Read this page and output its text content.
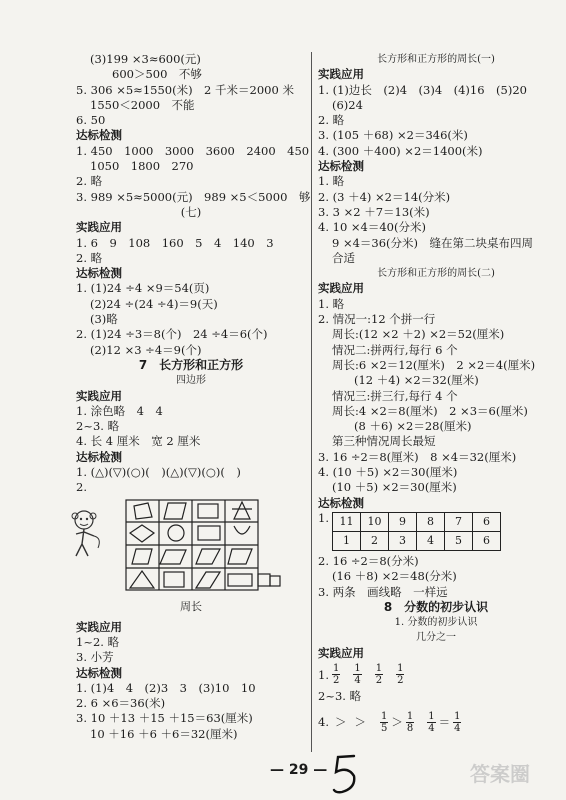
(3)199 ×3≈600(元)
600＞500　不够
5. 306 ×5≈1550(米)　2 千米＝2000 米
1550＜2000　不能
6. 50
达标检测
1. 450　1000　3000　3600　2400　450
1050　1800　270
2. 略
3. 989 ×5≈5000(元)　989 ×5＜5000　够
(七)
实践应用
1. 6　9　108　160　5　4　140　3
2. 略
达标检测
1. (1)24 ÷4 ×9＝54(页)
(2)24 ÷(24 ÷4)＝9(天)
(3)略
2. (1)24 ÷3＝8(个)　24 ÷4＝6(个)
(2)12 ×3 ÷4＝9(个)
7　长方形和正方形
四边形
实践应用
1. 涂色略　4　4
2~3. 略
4. 长 4 厘米　宽 2 厘米
达标检测
1. (△)(▽)(○)(　)(△)(▽)(○)(　)
2.
周长
实践应用
1~2. 略
3. 小芳
达标检测
1. (1)4　4　(2)3　3　(3)10　10
2. 6 ×6＝36(米)
3. 10 ＋13 ＋15 ＋15＝63(厘米)
10 ＋16 ＋6 ＋6＝32(厘米)
长方形和正方形的周长(一)
实践应用
1. (1)边长　(2)4　(3)4　(4)16　(5)20
(6)24
2. 略
3. (105 ＋68) ×2＝346(米)
4. (300 ＋400) ×2＝1400(米)
达标检测
1. 略
2. (3 ＋4) ×2＝14(分米)
3. 3 ×2 ＋7＝13(米)
4. 10 ×4＝40(分米)
9 ×4＝36(分米)　缝在第二块桌布四周
合适
长方形和正方形的周长(二)
实践应用
1. 略
2. 情况一:12 个拼一行
周长:(12 ×2 ＋2) ×2＝52(厘米)
情况二:拼两行,每行 6 个
周长:6 ×2＝12(厘米)　2 ×2＝4(厘米)
(12 ＋4) ×2＝32(厘米)
情况三:拼三行,每行 4 个
周长:4 ×2＝8(厘米)　2 ×3＝6(厘米)
(8 ＋6) ×2＝28(厘米)
第三种情况周长最短
3. 16 ÷2＝8(厘米)　8 ×4＝32(厘米)
4. (10 ＋5) ×2＝30(厘米)
(10 ＋5) ×2＝30(厘米)
达标检测
1. 11	10	9	8	7	6
1	2	3	4	5	6
2. 16 ÷2＝8(分米)
(16 ＋8) ×2＝48(分米)
3. 两条　画线略　一样远
8　分数的初步认识
1. 分数的初步认识
几分之一
实践应用
1. $\frac{1}{2} \frac{1}{4} \frac{1}{2} \frac{1}{2}$
2~3. 略
4. ＞ ＞ $\frac{1}{5} > \frac{1}{8} \frac{1}{4} = \frac{1}{4}$
— 29 —	答案圈
